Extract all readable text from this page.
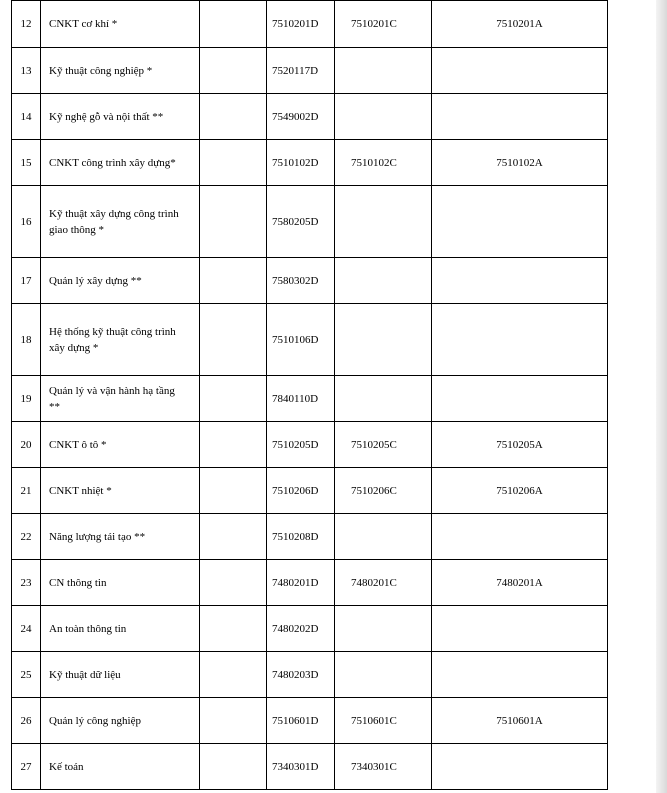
12	CNKT cơ khí *		7510201D	7510201C	7510201A
13	Kỹ thuật công nghiệp *		7520117D		
14	Kỹ nghệ gỗ và nội thất **		7549002D		
15	CNKT công trình xây dựng*		7510102D	7510102C	7510102A
16	Kỹ thuật xây dựng công trình giao thông *		7580205D		
17	Quản lý xây dựng **		7580302D		
18	Hệ thống kỹ thuật công trình xây dựng *		7510106D		
19	Quản lý và vận hành hạ tầng **		7840110D		
20	CNKT ô tô *		7510205D	7510205C	7510205A
21	CNKT nhiệt *		7510206D	7510206C	7510206A
22	Năng lượng tái tạo **		7510208D		
23	CN thông tin		7480201D	7480201C	7480201A
24	An toàn thông tin		7480202D		
25	Kỹ thuật dữ liệu		7480203D		
26	Quản lý công nghiệp		7510601D	7510601C	7510601A
27	Kế toán		7340301D	7340301C	
